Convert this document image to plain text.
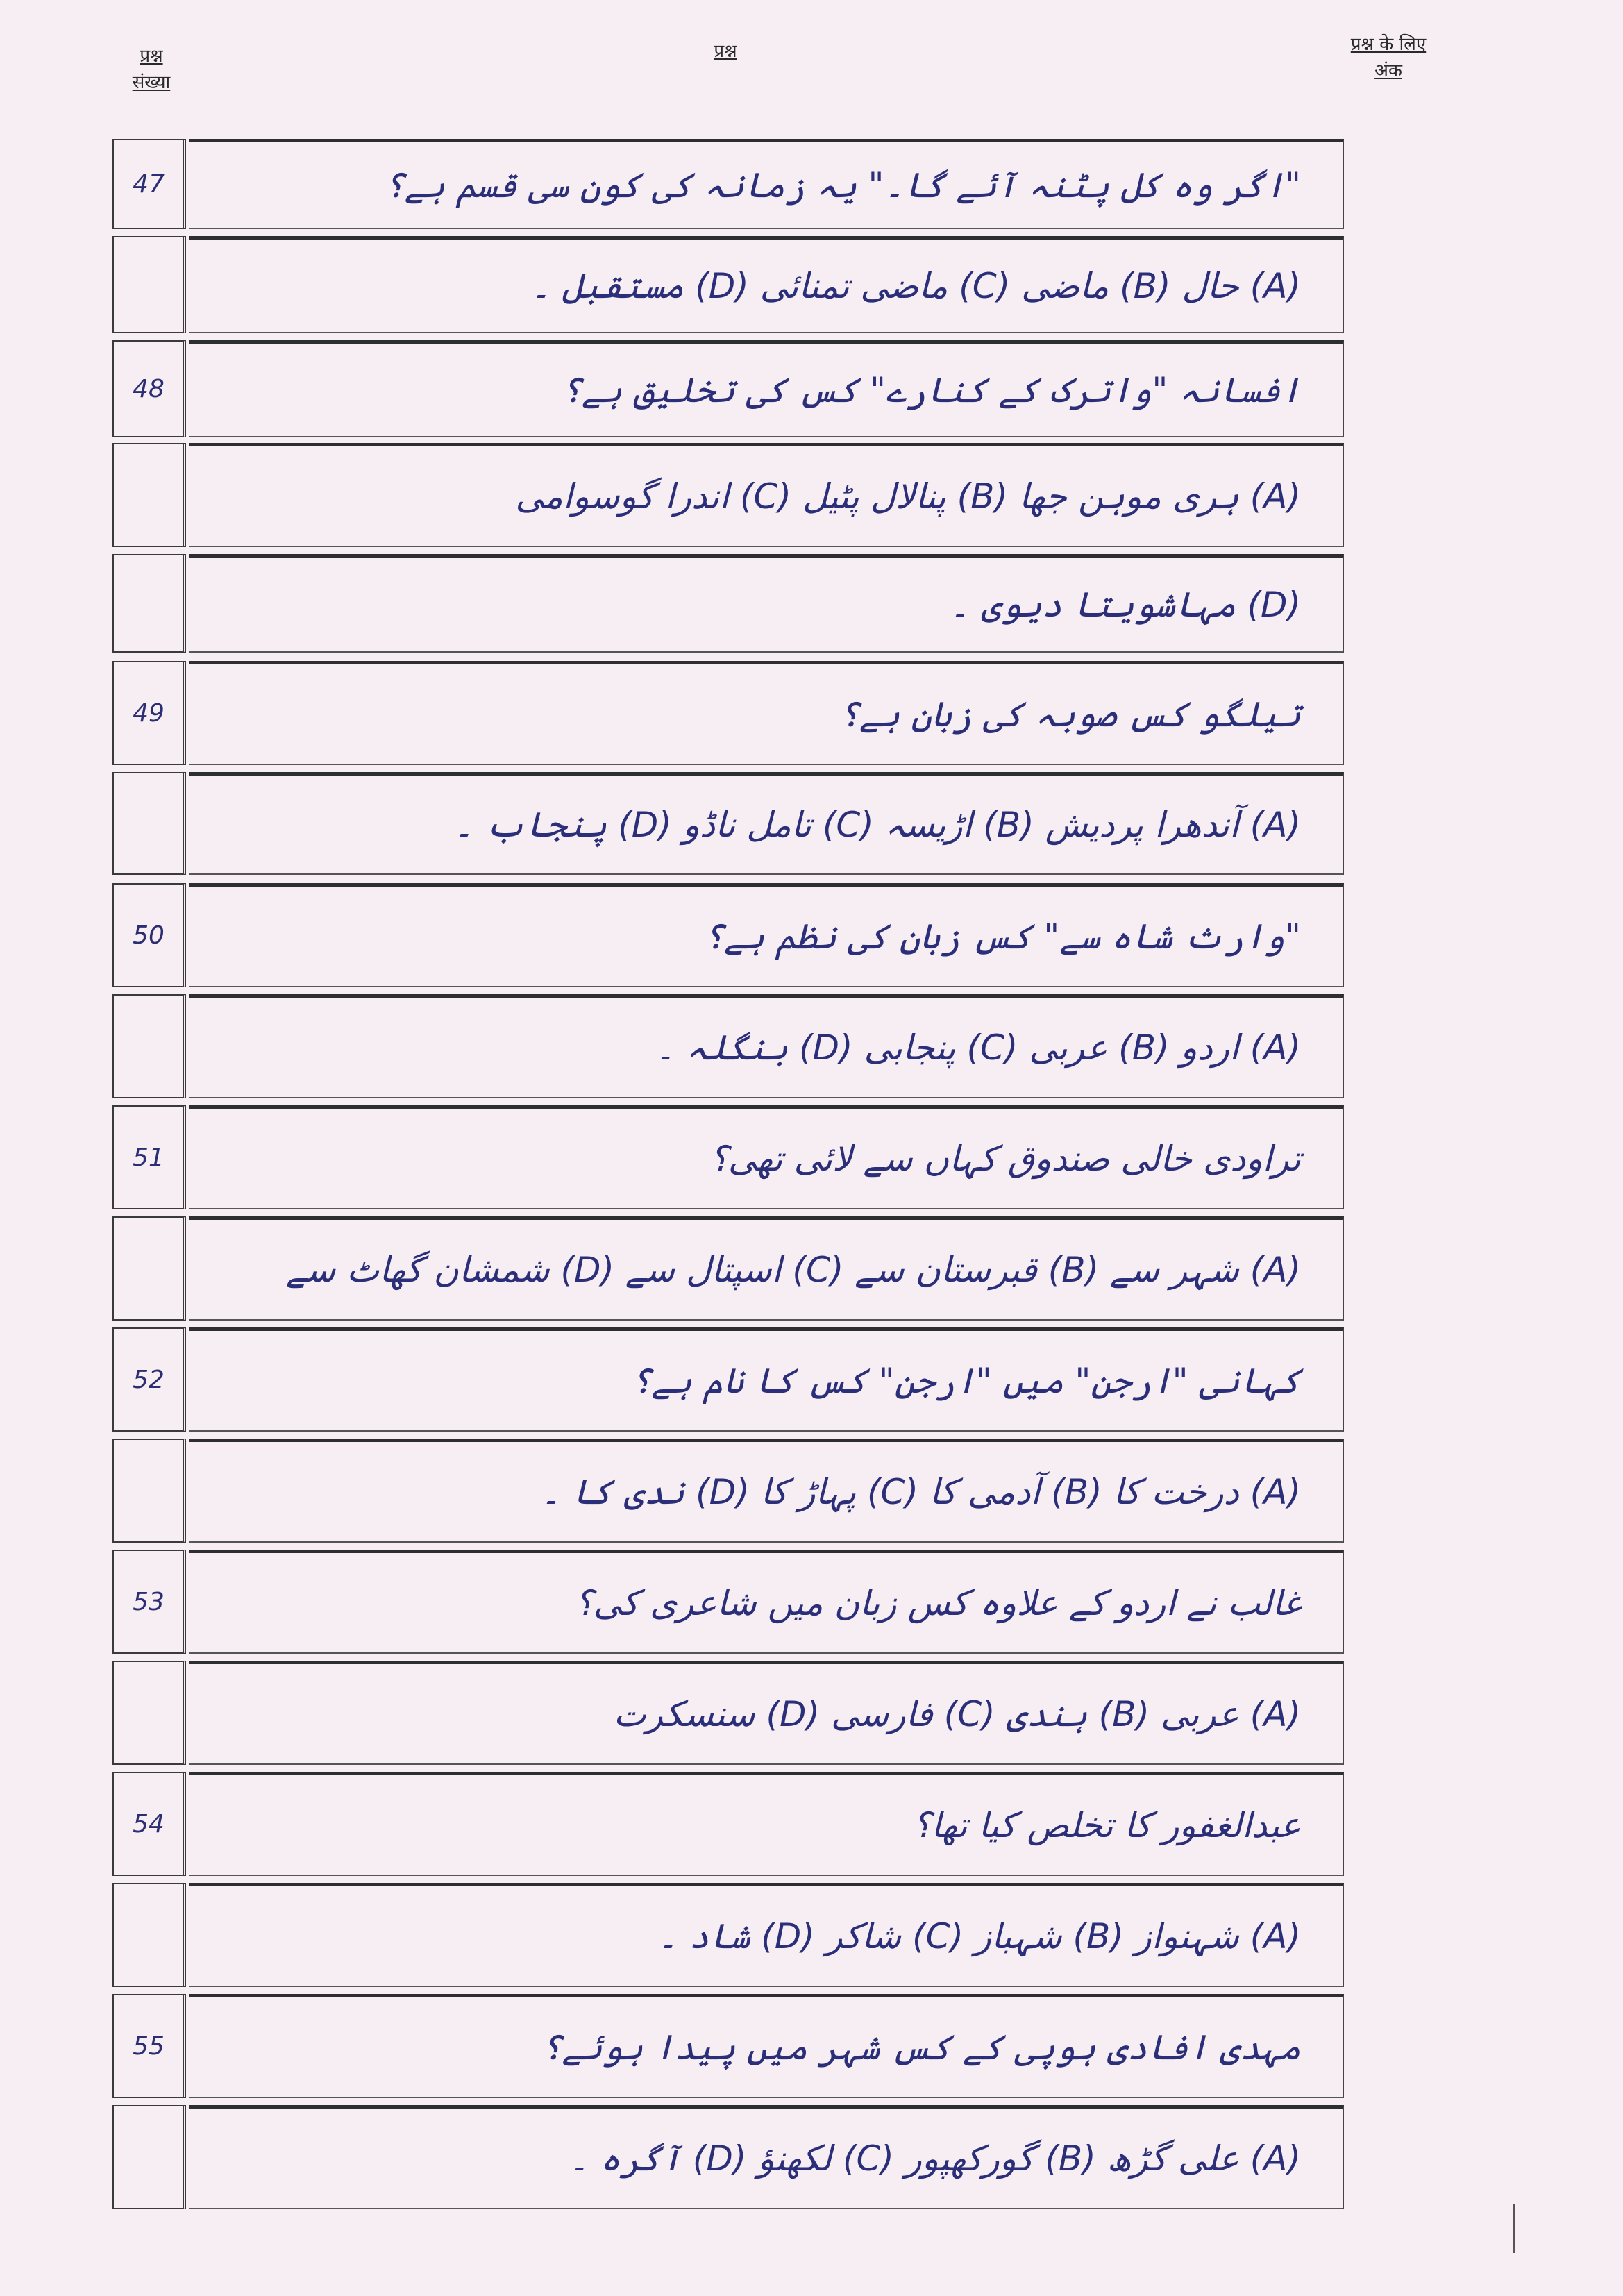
प्रश्न संख्या
प्रश्न	प्रश्न के लिए अंक
47	"اگر وہ کل پٹنہ آئے گا۔" یہ زمانہ کی کون سی قسم ہے؟
(A) حال (B) ماضی (C) ماضی تمنائی (D) مستقبل ۔
48	افسانہ "واترک کے کنارے" کس کی تخلیق ہے؟
(A) ہری موہن جھا (B) پنالال پٹیل (C) اندرا گوسوامی
(D) مہاشویتا دیوی ۔
49	تیلگو کس صوبہ کی زبان ہے؟
(A) آندھرا پردیش (B) اڑیسہ (C) تامل ناڈو (D) پنجاب ۔
50	"وارث شاہ سے" کس زبان کی نظم ہے؟
(A) اردو (B) عربی (C) پنجابی (D) بنگلہ ۔
51	تراودی خالی صندوق کہاں سے لائی تھی؟
(A) شہر سے (B) قبرستان سے (C) اسپتال سے (D) شمشان گھاٹ سے
52	کہانی "ارجن" میں "ارجن" کس کا نام ہے؟
(A) درخت کا (B) آدمی کا (C) پہاڑ کا (D) ندی کا ۔
53	غالب نے اردو کے علاوہ کس زبان میں شاعری کی؟
(A) عربی (B) ہندی (C) فارسی (D) سنسکرت
54	عبدالغفور کا تخلص کیا تھا؟
(A) شہنواز (B) شہباز (C) شاکر (D) شاد ۔
55	مہدی افادی ہوپی کے کس شہر میں پیدا ہوئے؟
(A) علی گڑھ (B) گورکھپور (C) لکھنؤ (D) آگرہ ۔
